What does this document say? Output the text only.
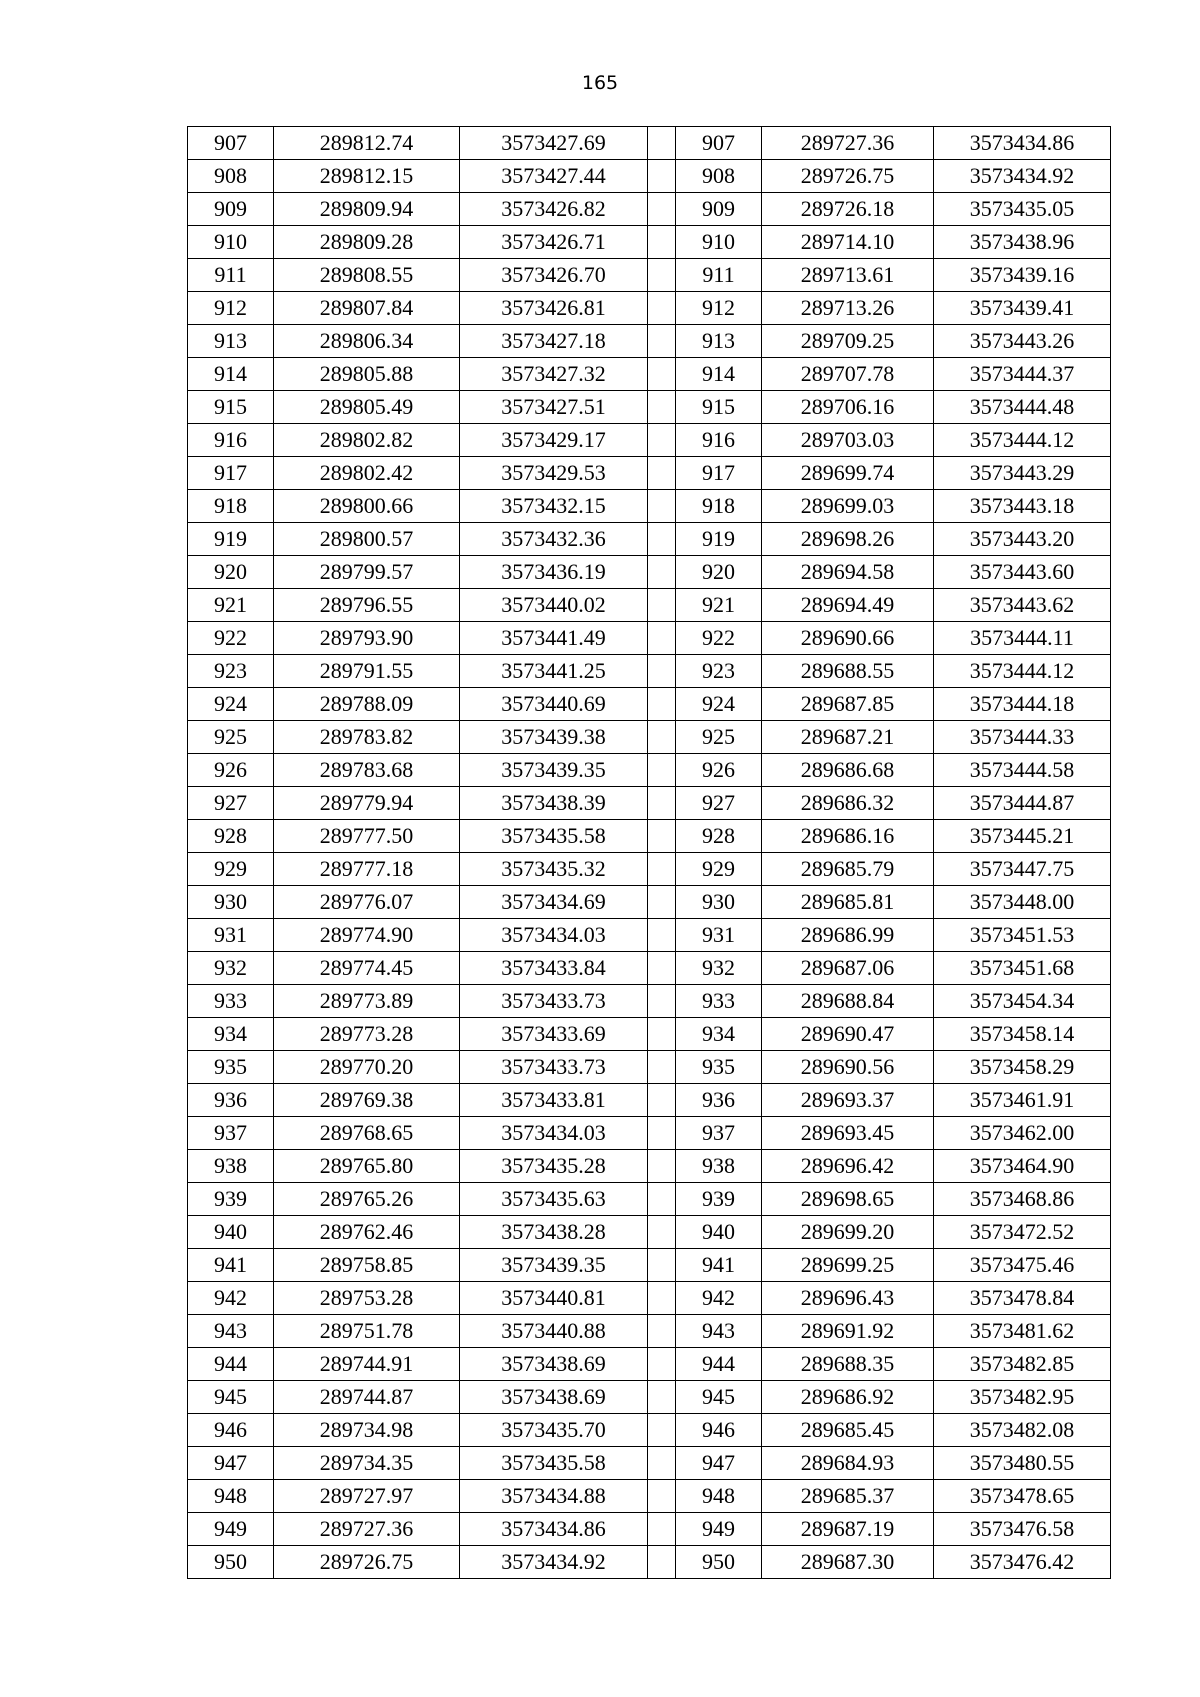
165
907	289812.74	3573427.69		907	289727.36	3573434.86
908	289812.15	3573427.44		908	289726.75	3573434.92
909	289809.94	3573426.82		909	289726.18	3573435.05
910	289809.28	3573426.71		910	289714.10	3573438.96
911	289808.55	3573426.70		911	289713.61	3573439.16
912	289807.84	3573426.81		912	289713.26	3573439.41
913	289806.34	3573427.18		913	289709.25	3573443.26
914	289805.88	3573427.32		914	289707.78	3573444.37
915	289805.49	3573427.51		915	289706.16	3573444.48
916	289802.82	3573429.17		916	289703.03	3573444.12
917	289802.42	3573429.53		917	289699.74	3573443.29
918	289800.66	3573432.15		918	289699.03	3573443.18
919	289800.57	3573432.36		919	289698.26	3573443.20
920	289799.57	3573436.19		920	289694.58	3573443.60
921	289796.55	3573440.02		921	289694.49	3573443.62
922	289793.90	3573441.49		922	289690.66	3573444.11
923	289791.55	3573441.25		923	289688.55	3573444.12
924	289788.09	3573440.69		924	289687.85	3573444.18
925	289783.82	3573439.38		925	289687.21	3573444.33
926	289783.68	3573439.35		926	289686.68	3573444.58
927	289779.94	3573438.39		927	289686.32	3573444.87
928	289777.50	3573435.58		928	289686.16	3573445.21
929	289777.18	3573435.32		929	289685.79	3573447.75
930	289776.07	3573434.69		930	289685.81	3573448.00
931	289774.90	3573434.03		931	289686.99	3573451.53
932	289774.45	3573433.84		932	289687.06	3573451.68
933	289773.89	3573433.73		933	289688.84	3573454.34
934	289773.28	3573433.69		934	289690.47	3573458.14
935	289770.20	3573433.73		935	289690.56	3573458.29
936	289769.38	3573433.81		936	289693.37	3573461.91
937	289768.65	3573434.03		937	289693.45	3573462.00
938	289765.80	3573435.28		938	289696.42	3573464.90
939	289765.26	3573435.63		939	289698.65	3573468.86
940	289762.46	3573438.28		940	289699.20	3573472.52
941	289758.85	3573439.35		941	289699.25	3573475.46
942	289753.28	3573440.81		942	289696.43	3573478.84
943	289751.78	3573440.88		943	289691.92	3573481.62
944	289744.91	3573438.69		944	289688.35	3573482.85
945	289744.87	3573438.69		945	289686.92	3573482.95
946	289734.98	3573435.70		946	289685.45	3573482.08
947	289734.35	3573435.58		947	289684.93	3573480.55
948	289727.97	3573434.88		948	289685.37	3573478.65
949	289727.36	3573434.86		949	289687.19	3573476.58
950	289726.75	3573434.92		950	289687.30	3573476.42
